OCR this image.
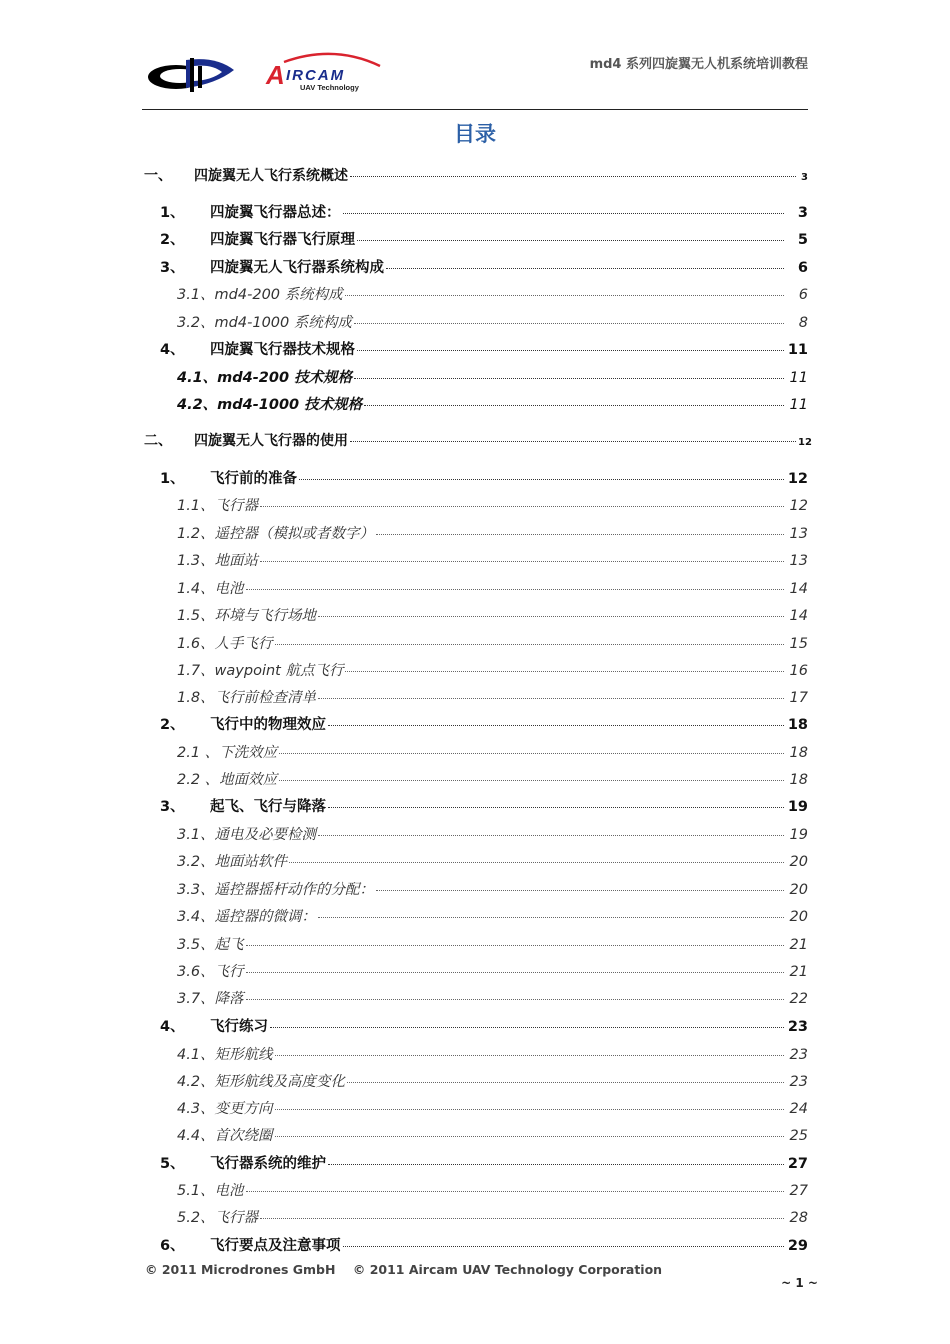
A IRCAM
UAV Technology
md4 系列四旋翼无人机系统培训教程
目录
一、	四旋翼无人飞行系统概述	3
1、	四旋翼飞行器总述：	3
2、	四旋翼飞行器飞行原理	5
3、	四旋翼无人飞行器系统构成	6
3.1、md4-200 系统构成	6
3.2、md4-1000 系统构成	8
4、	四旋翼飞行器技术规格	11
4.1、md4-200 技术规格	11
4.2、md4-1000 技术规格	11
二、	四旋翼无人飞行器的使用	12
1、	飞行前的准备	12
1.1、飞行器	12
1.2、遥控器（模拟或者数字）	13
1.3、地面站	13
1.4、电池	14
1.5、环境与飞行场地	14
1.6、人手飞行	15
1.7、waypoint 航点飞行	16
1.8、飞行前检查清单	17
2、	飞行中的物理效应	18
2.1 、下洗效应	18
2.2 、地面效应	18
3、	起飞、飞行与降落	19
3.1、通电及必要检测	19
3.2、地面站软件	20
3.3、遥控器摇杆动作的分配：	20
3.4、遥控器的微调：	20
3.5、起飞	21
3.6、飞行	21
3.7、降落	22
4、	飞行练习	23
4.1、矩形航线	23
4.2、矩形航线及高度变化	23
4.3、变更方向	24
4.4、首次绕圈	25
5、	飞行器系统的维护	27
5.1、电池	27
5.2、飞行器	28
6、	飞行要点及注意事项	29
© 2011 Microdrones GmbH    © 2011 Aircam UAV Technology Corporation
~ 1 ~
